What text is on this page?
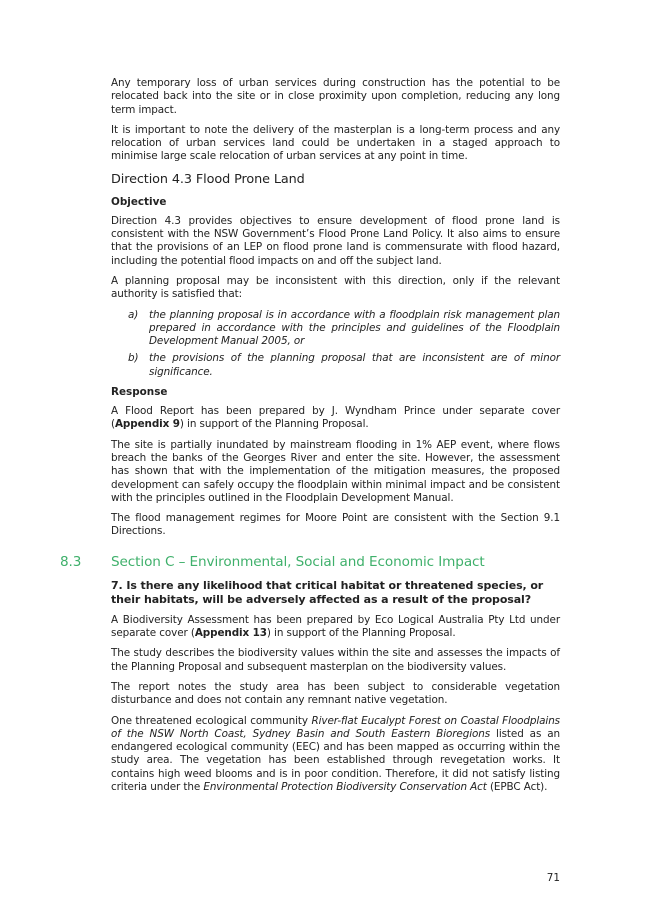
Any temporary loss of urban services during construction has the potential to be relocated back into the site or in close proximity upon completion, reducing any long term impact.

It is important to note the delivery of the masterplan is a long-term process and any relocation of urban services land could be undertaken in a staged approach to minimise large scale relocation of urban services at any point in time.

Direction 4.3 Flood Prone Land
Objective

Direction 4.3 provides objectives to ensure development of flood prone land is consistent with the NSW Government’s Flood Prone Land Policy. It also aims to ensure that the provisions of an LEP on flood prone land is commensurate with flood hazard, including the potential flood impacts on and off the subject land.

A planning proposal may be inconsistent with this direction, only if the relevant authority is satisfied that:

a) the planning proposal is in accordance with a floodplain risk management plan prepared in accordance with the principles and guidelines of the Floodplain Development Manual 2005, or
b) the provisions of the planning proposal that are inconsistent are of minor significance.
Response

A Flood Report has been prepared by J. Wyndham Prince under separate cover (Appendix 9) in support of the Planning Proposal.

The site is partially inundated by mainstream flooding in 1% AEP event, where flows breach the banks of the Georges River and enter the site. However, the assessment has shown that with the implementation of the mitigation measures, the proposed development can safely occupy the floodplain within minimal impact and be consistent with the principles outlined in the Floodplain Development Manual.

The flood management regimes for Moore Point are consistent with the Section 9.1 Directions.

8.3 Section C – Environmental, Social and Economic Impact

7. Is there any likelihood that critical habitat or threatened species, or their habitats, will be adversely affected as a result of the proposal?

A Biodiversity Assessment has been prepared by Eco Logical Australia Pty Ltd under separate cover (Appendix 13) in support of the Planning Proposal.

The study describes the biodiversity values within the site and assesses the impacts of the Planning Proposal and subsequent masterplan on the biodiversity values.

The report notes the study area has been subject to considerable vegetation disturbance and does not contain any remnant native vegetation.

One threatened ecological community River-flat Eucalypt Forest on Coastal Floodplains of the NSW North Coast, Sydney Basin and South Eastern Bioregions listed as an endangered ecological community (EEC) and has been mapped as occurring within the study area. The vegetation has been established through revegetation works. It contains high weed blooms and is in poor condition. Therefore, it did not satisfy listing criteria under the Environmental Protection Biodiversity Conservation Act (EPBC Act).

71
